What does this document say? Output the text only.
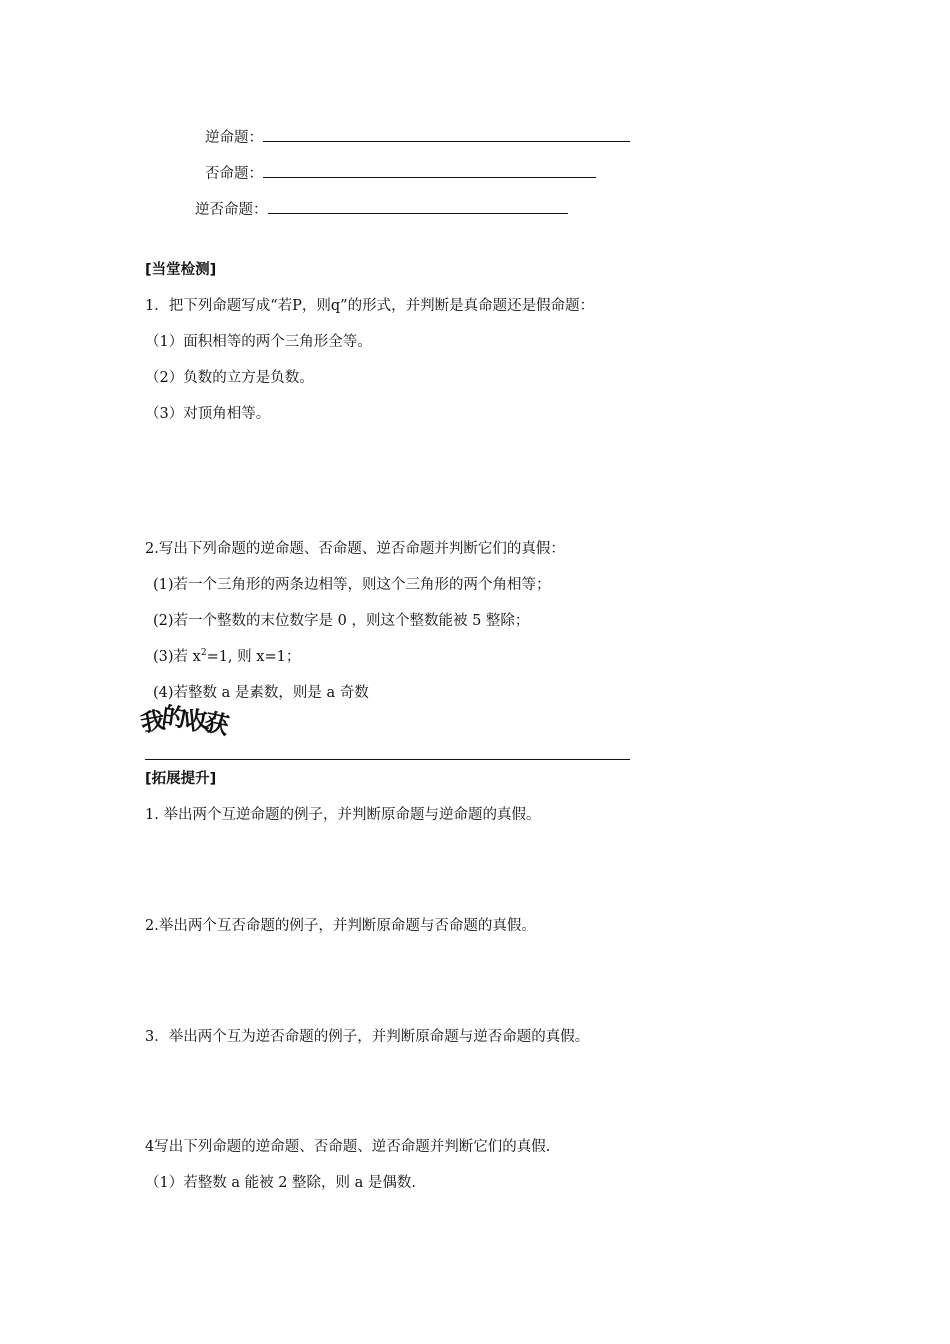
逆命题：
否命题：
逆否命题：
[当堂检测]
1．把下列命题写成“若P，则q”的形式，并判断是真命题还是假命题：
（1）面积相等的两个三角形全等。
（2）负数的立方是负数。
（3）对顶角相等。
2.写出下列命题的逆命题、否命题、逆否命题并判断它们的真假：
(1)若一个三角形的两条边相等，则这个三角形的两个角相等；
(2)若一个整数的末位数字是 0 ，则这个整数能被 5 整除；
(3)若 $x^2=1$, 则 x=1；
(4)若整数 a 是素数，则是 a 奇数
我的收获
[拓展提升]
1. 举出两个互逆命题的例子，并判断原命题与逆命题的真假。
2.举出两个互否命题的例子，并判断原命题与否命题的真假。
3．举出两个互为逆否命题的例子，并判断原命题与逆否命题的真假。
4写出下列命题的逆命题、否命题、逆否命题并判断它们的真假.
（1）若整数 a 能被 2 整除，则 a 是偶数.
